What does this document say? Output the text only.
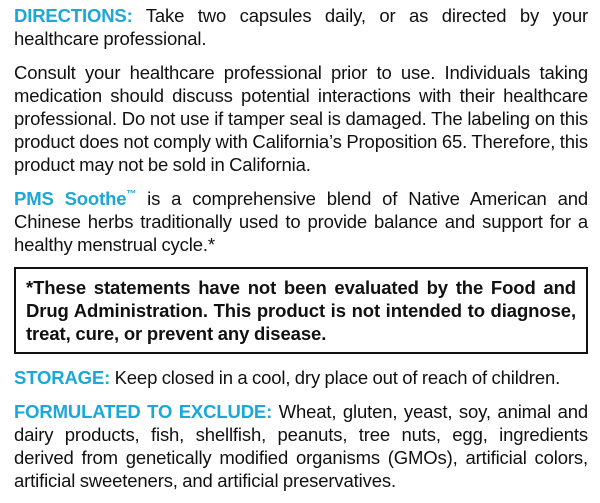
DIRECTIONS: Take two capsules daily, or as directed by your healthcare professional.

Consult your healthcare professional prior to use. Individuals taking medication should discuss potential interactions with their healthcare professional. Do not use if tamper seal is damaged. The labeling on this product does not comply with California’s Proposition 65. Therefore, this product may not be sold in California.

PMS Soothe™ is a comprehensive blend of Native American and Chinese herbs traditionally used to provide balance and support for a healthy menstrual cycle.*

*These statements have not been evaluated by the Food and Drug Administration. This product is not intended to diagnose, treat, cure, or prevent any disease.

STORAGE: Keep closed in a cool, dry place out of reach of children.

FORMULATED TO EXCLUDE: Wheat, gluten, yeast, soy, animal and dairy products, fish, shellfish, peanuts, tree nuts, egg, ingredients derived from genetically modified organisms (GMOs), artificial colors, artificial sweeteners, and artificial preservatives.
